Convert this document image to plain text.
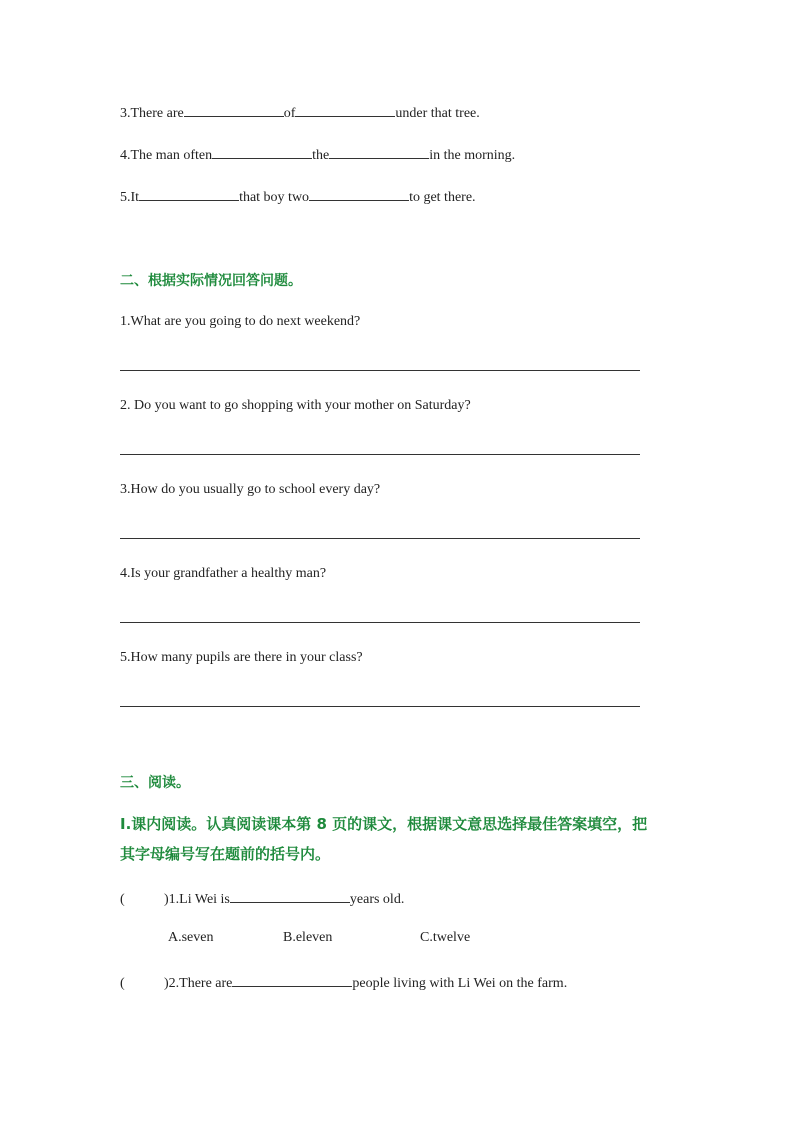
3.There are	of	under that tree.
4.The man often	the	in the morning.
5.It	that boy two	to get there.
二、根据实际情况回答问题。
1.What are you going to do next weekend?
2. Do you want to go shopping with your mother on Saturday?
3.How do you usually go to school every day?
4.Is your grandfather a healthy man?
5.How many pupils are there in your class?
三、阅读。
I.课内阅读。认真阅读课本第 8 页的课文，根据课文意思选择最佳答案填空，把
其字母编号写在题前的括号内。
(	)1.Li Wei is	years old.
A.seven	B.eleven	C.twelve
(	)2.There are	people living with Li Wei on the farm.
